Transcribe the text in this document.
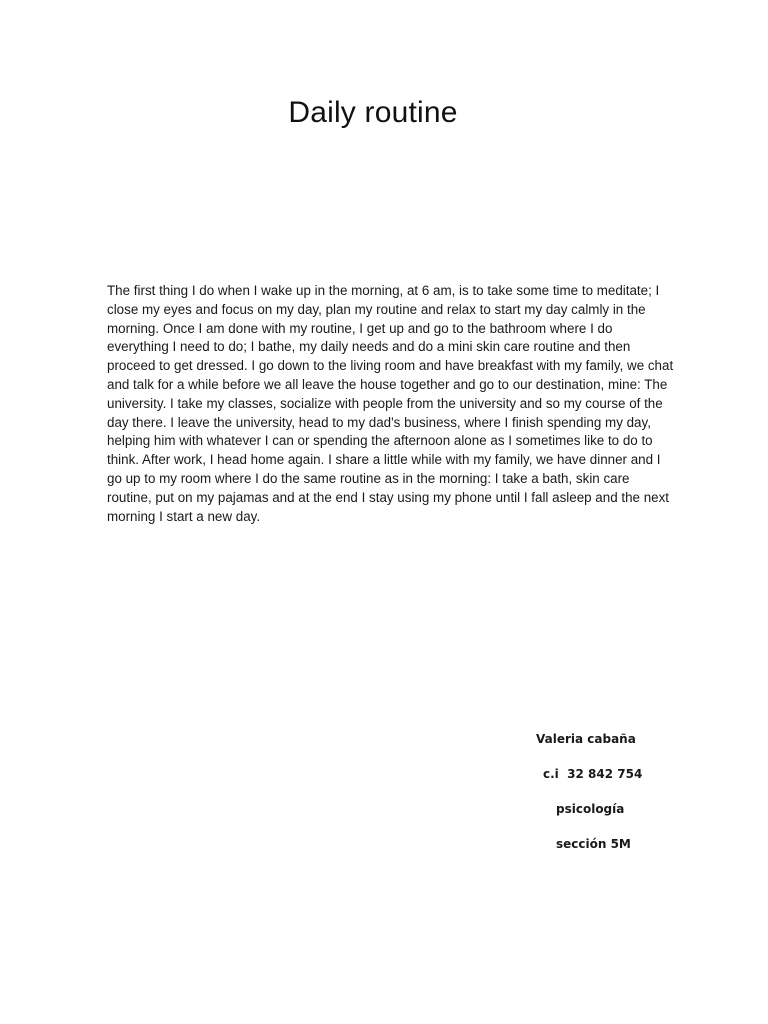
Daily routine

The first thing I do when I wake up in the morning, at 6 am, is to take some time to meditate; I close my eyes and focus on my day, plan my routine and relax to start my day calmly in the morning. Once I am done with my routine, I get up and go to the bathroom where I do everything I need to do; I bathe, my daily needs and do a mini skin care routine and then proceed to get dressed. I go down to the living room and have breakfast with my family, we chat and talk for a while before we all leave the house together and go to our destination, mine: The university. I take my classes, socialize with people from the university and so my course of the day there. I leave the university, head to my dad's business, where I finish spending my day, helping him with whatever I can or spending the afternoon alone as I sometimes like to do to think. After work, I head home again. I share a little while with my family, we have dinner and I go up to my room where I do the same routine as in the morning: I take a bath, skin care routine, put on my pajamas and at the end I stay using my phone until I fall asleep and the next morning I start a new day.

Valeria cabaña
c.i  32 842 754
psicología
sección 5M
